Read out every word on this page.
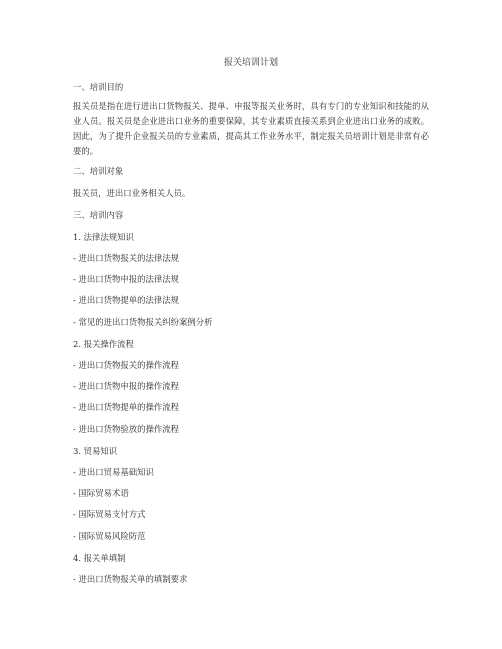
报关培训计划
一、培训目的
报关员是指在进行进出口货物报关、提单、申报等报关业务时，具有专门的专业知识和技能的从业人员。报关员是企业进出口业务的重要保障，其专业素质直接关系到企业进出口业务的成败。因此，为了提升企业报关员的专业素质，提高其工作业务水平，制定报关员培训计划是非常有必要的。
二、培训对象
报关员，进出口业务相关人员。
三、培训内容
1. 法律法规知识
- 进出口货物报关的法律法规
- 进出口货物申报的法律法规
- 进出口货物提单的法律法规
- 常见的进出口货物报关纠纷案例分析
2. 报关操作流程
- 进出口货物报关的操作流程
- 进出口货物申报的操作流程
- 进出口货物提单的操作流程
- 进出口货物验放的操作流程
3. 贸易知识
- 进出口贸易基础知识
- 国际贸易术语
- 国际贸易支付方式
- 国际贸易风险防范
4. 报关单填制
- 进出口货物报关单的填制要求
